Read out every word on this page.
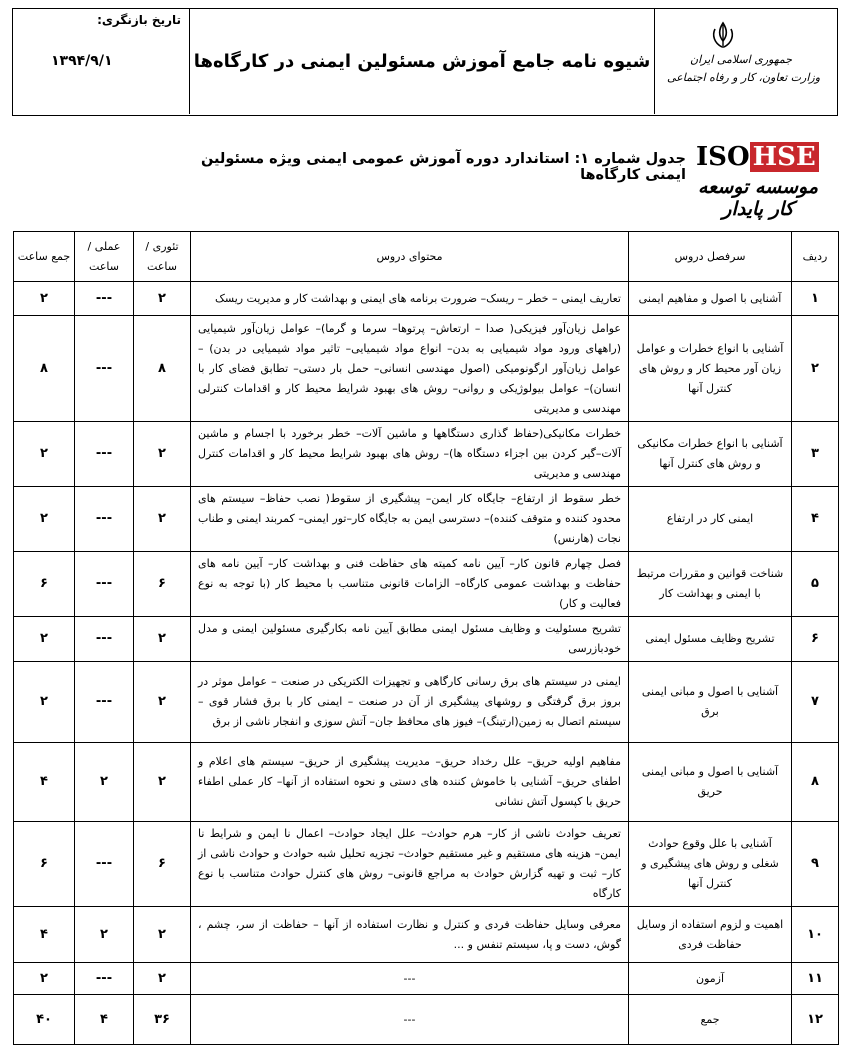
جمهوری اسلامی ایران
وزارت تعاون، کار و رفاه اجتماعی
شیوه نامه جامع آموزش مسئولین ایمنی در کارگاه‌ها
تاریخ بازنگری:
۱۳۹۴/۹/۱
ISO HSE
موسسه توسعه کار پایدار
جدول شماره ۱: استاندارد دوره آموزش عمومی ایمنی ویژه مسئولین ایمنی کارگاه‌ها
ردیف	سرفصل دروس	محتوای دروس	تئوری /ساعت	عملی /ساعت	جمع ساعت
۱	آشنایی با اصول و مفاهیم ایمنی	تعاریف ایمنی – خطر – ریسک– ضرورت برنامه های ایمنی و بهداشت کار و مدیریت ریسک	۲	---	۲
۲	آشنایی با انواع خطرات و عوامل زیان آور محیط کار و روش های کنترل آنها	عوامل زیان‌آور فیزیکی( صدا – ارتعاش– پرتوها– سرما و گرما)– عوامل زیان‌آور شیمیایی (راههای ورود مواد شیمیایی به بدن– انواع مواد شیمیایی– تاثیر مواد شیمیایی در بدن) – عوامل زیان‌آور ارگونومیکی (اصول مهندسی انسانی– حمل بار دستی– تطابق فضای کار با انسان)– عوامل بیولوژیکی و روانی– روش های بهبود شرایط محیط کار و اقدامات کنترلی مهندسی و مدیریتی	۸	---	۸
۳	آشنایی با انواع خطرات مکانیکی و روش های کنترل آنها	خطرات مکانیکی(حفاظ گذاری دستگاهها و ماشین آلات– خطر برخورد با اجسام و ماشین آلات–گیر کردن بین اجزاء دستگاه ها)– روش های بهبود شرایط محیط کار و اقدامات کنترل مهندسی و مدیریتی	۲	---	۲
۴	ایمنی کار در ارتفاع	خطر سقوط از ارتفاع– جایگاه کار ایمن– پیشگیری از سقوط( نصب حفاظ– سیستم های محدود کننده و متوقف کننده)– دسترسی ایمن به جایگاه کار–تور ایمنی– کمربند ایمنی و طناب نجات (هارنس)	۲	---	۲
۵	شناخت قوانین و مقررات مرتبط با ایمنی و بهداشت کار	فصل چهارم قانون کار– آیین نامه کمیته های حفاظت فنی و بهداشت کار– آیین نامه های حفاظت و بهداشت عمومی کارگاه– الزامات قانونی متناسب با محیط کار (با توجه به نوع فعالیت و کار)	۶	---	۶
۶	تشریح وظایف مسئول ایمنی	تشریح مسئولیت و وظایف مسئول ایمنی مطابق آیین نامه بکارگیری مسئولین ایمنی و مدل خودبازرسی	۲	---	۲
۷	آشنایی با اصول و مبانی ایمنی برق	ایمنی در سیستم های برق رسانی کارگاهی و تجهیزات الکتریکی در صنعت – عوامل موثر در بروز برق گرفتگی و روشهای پیشگیری از آن در صنعت – ایمنی کار با برق فشار قوی – سیستم اتصال به زمین(ارتینگ)– فیوز های محافظ جان– آتش سوزی و انفجار ناشی از برق	۲	---	۲
۸	آشنایی با اصول و مبانی ایمنی حریق	مفاهیم اولیه حریق– علل رخداد حریق– مدیریت پیشگیری از حریق– سیستم های اعلام و اطفای حریق– آشنایی با خاموش کننده های دستی و نحوه استفاده از آنها– کار عملی اطفاء حریق با کپسول آتش نشانی	۲	۲	۴
۹	آشنایی با علل وقوع حوادث شغلی و روش های پیشگیری و کنترل آنها	تعریف حوادث ناشی از کار– هرم حوادث– علل ایجاد حوادث– اعمال نا ایمن و شرایط نا ایمن– هزینه های مستقیم و غیر مستقیم حوادث– تجزیه تحلیل شبه حوادث و حوادث ناشی از کار– ثبت و تهیه گزارش حوادث به مراجع قانونی– روش های کنترل حوادث متناسب با نوع کارگاه	۶	---	۶
۱۰	اهمیت و لزوم استفاده از وسایل حفاظت فردی	معرفی وسایل حفاظت فردی و کنترل و نظارت استفاده از آنها – حفاظت از سر، چشم ، گوش، دست و پا، سیستم تنفس و ...	۲	۲	۴
۱۱	آزمون	---	۲	---	۲
۱۲	جمع	---	۳۶	۴	۴۰
